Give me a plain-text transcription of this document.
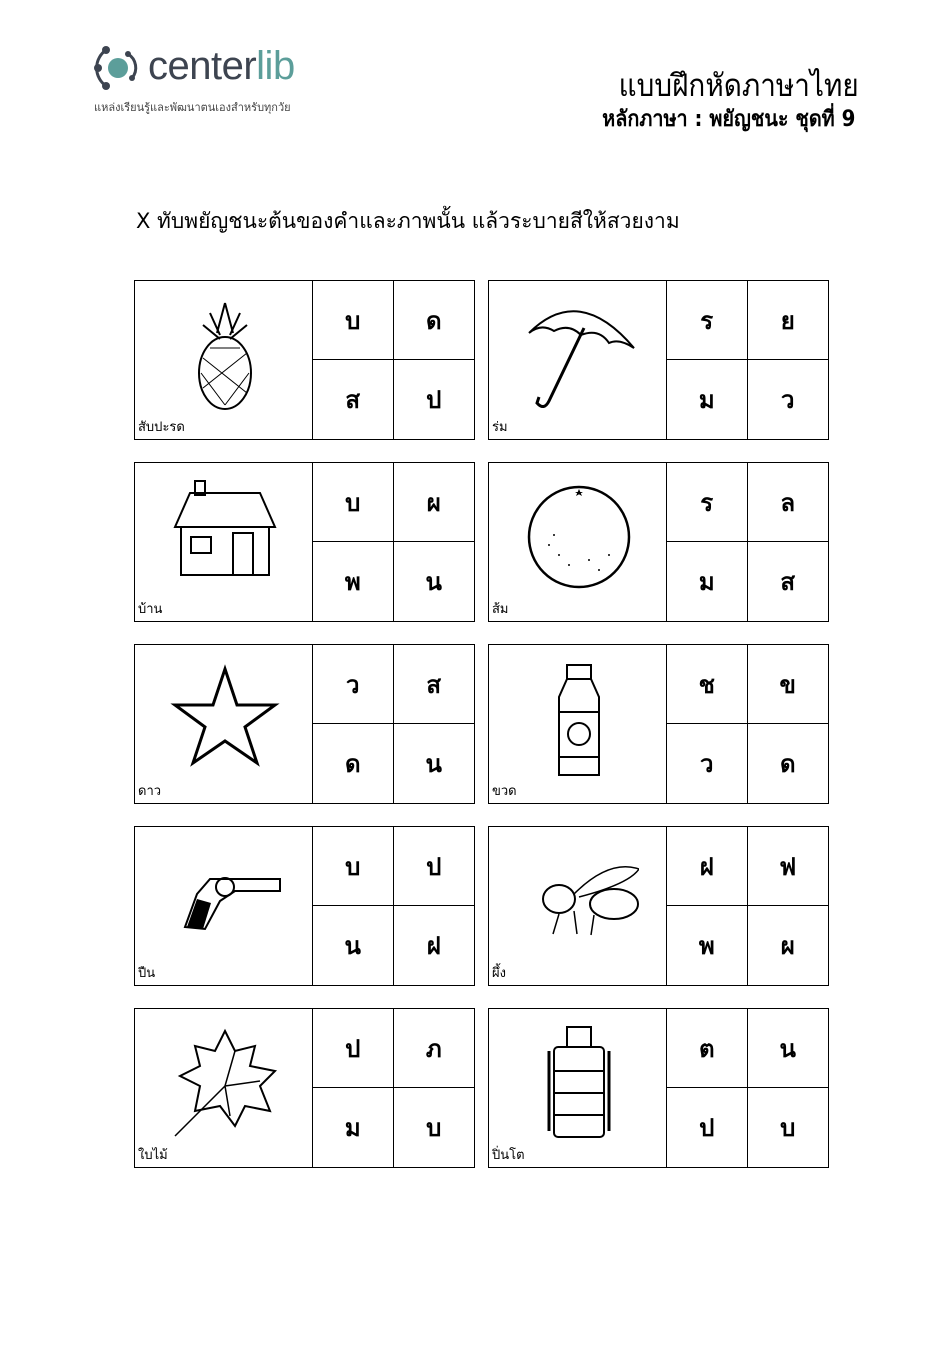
centerlib
แหล่งเรียนรู้และพัฒนาตนเองสำหรับทุกวัย
แบบฝึกหัดภาษาไทย
หลักภาษา : พยัญชนะ ชุดที่ 9
X ทับพยัญชนะต้นของคำและภาพนั้น แล้วระบายสีให้สวยงาม
สับปะรด
บ	ด
ส	ป
ร่ม
ร	ย
ม	ว
บ้าน
บ	ผ
พ	น
ส้ม
ร	ล
ม	ส
ดาว
ว	ส
ด	น
ขวด
ช	ข
ว	ด
ปืน
บ	ป
น	ฝ
ผึ้ง
ฝ	ฟ
พ	ผ
ใบไม้
ป	ภ
ม	บ
ปิ่นโต
ต	น
ป	บ
